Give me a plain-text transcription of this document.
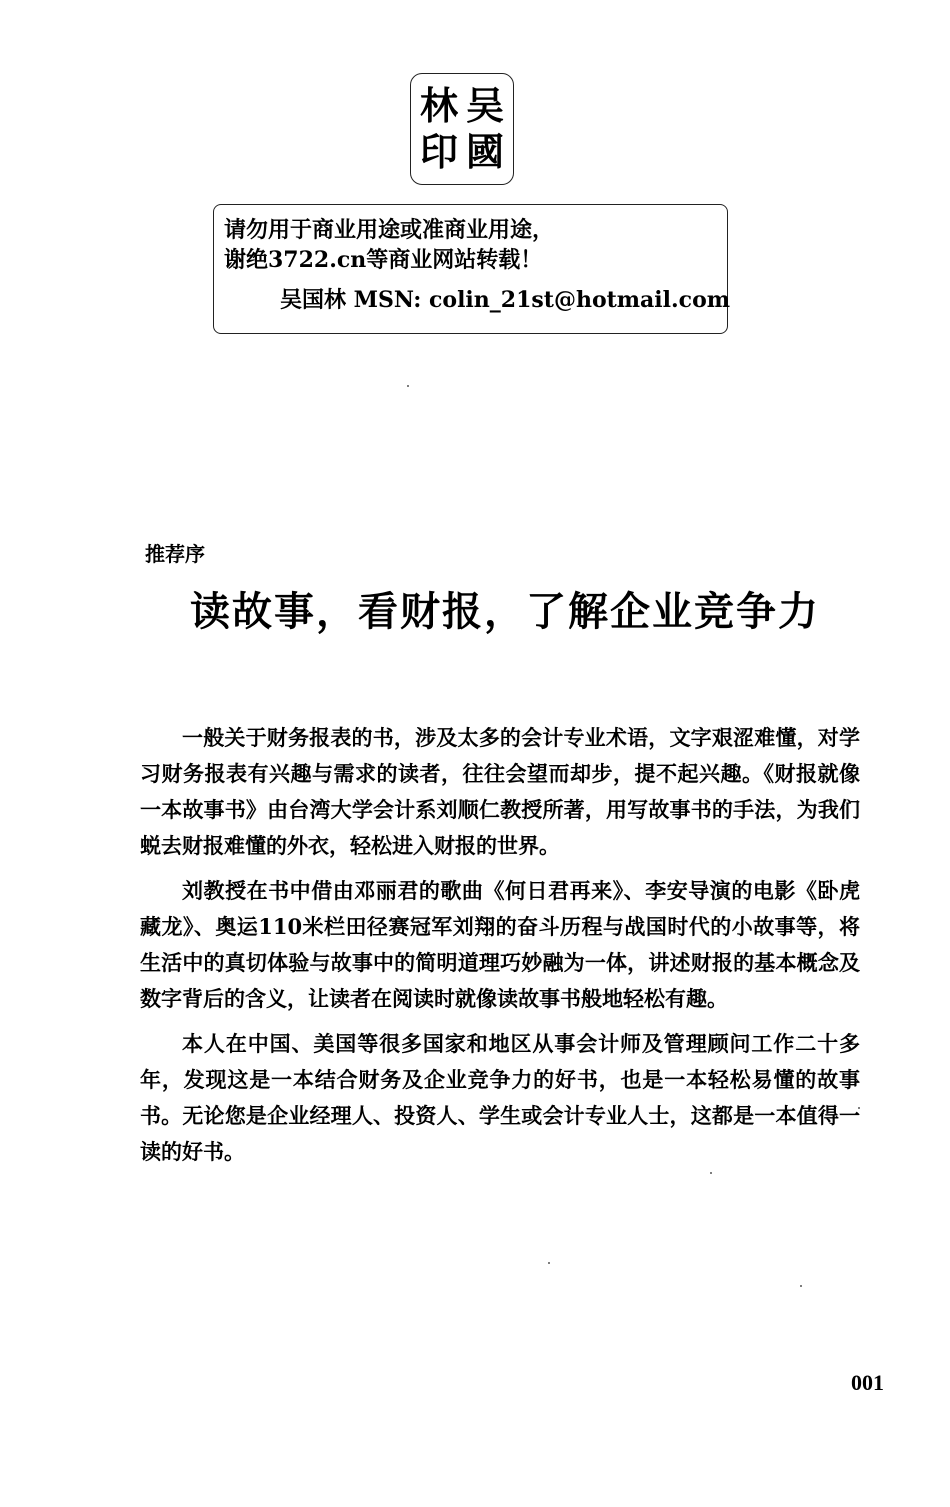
林 吴
印 國
请勿用于商业用途或准商业用途，
谢绝3722.cn等商业网站转载！
吴国林 MSN: colin_21st@hotmail.com
推荐序
读故事，看财报，了解企业竞争力

一般关于财务报表的书，涉及太多的会计专业术语，文字艰涩难懂，对学习财务报表有兴趣与需求的读者，往往会望而却步，提不起兴趣。《财报就像一本故事书》由台湾大学会计系刘顺仁教授所著，用写故事书的手法，为我们蜕去财报难懂的外衣，轻松进入财报的世界。

刘教授在书中借由邓丽君的歌曲《何日君再来》、李安导演的电影《卧虎藏龙》、奥运110米栏田径赛冠军刘翔的奋斗历程与战国时代的小故事等，将生活中的真切体验与故事中的简明道理巧妙融为一体，讲述财报的基本概念及数字背后的含义，让读者在阅读时就像读故事书般地轻松有趣。

本人在中国、美国等很多国家和地区从事会计师及管理顾问工作二十多年，发现这是一本结合财务及企业竞争力的好书，也是一本轻松易懂的故事书。无论您是企业经理人、投资人、学生或会计专业人士，这都是一本值得一读的好书。

001
